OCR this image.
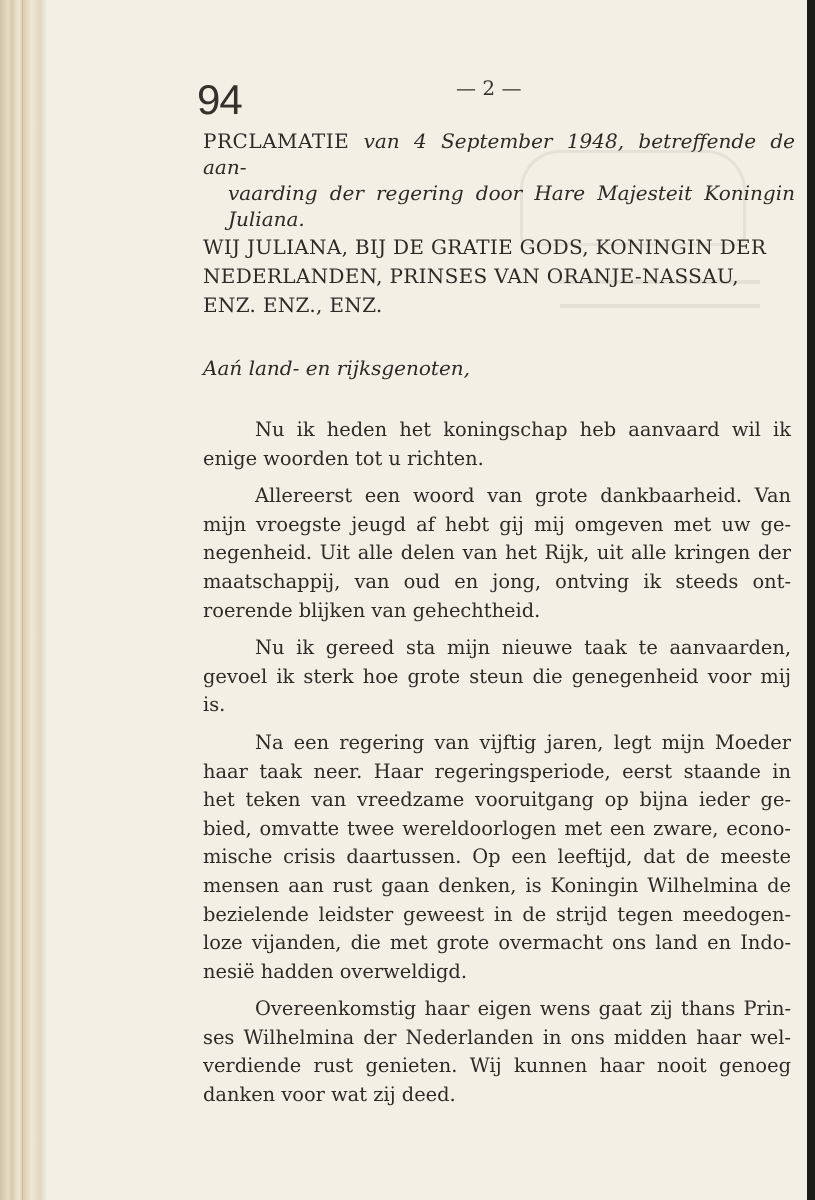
94	— 2 —
PRCLAMATIE van 4 September 1948, betreffende de aan-
vaarding der regering door Hare Majesteit Koningin Juliana.
WIJ JULIANA, BIJ DE GRATIE GODS, KONINGIN DER NEDERLANDEN, PRINSES VAN ORANJE-NASSAU, ENZ. ENZ., ENZ.
Aań land- en rijksgenoten,

Nu ik heden het koningschap heb aanvaard wil ik enige woorden tot u richten.

Allereerst een woord van grote dankbaarheid. Van mijn vroegste jeugd af hebt gij mij omgeven met uw ge-negenheid. Uit alle delen van het Rijk, uit alle kringen der maatschappij, van oud en jong, ontving ik steeds ont-roerende blijken van gehechtheid.

Nu ik gereed sta mijn nieuwe taak te aanvaarden, gevoel ik sterk hoe grote steun die genegenheid voor mij is.

Na een regering van vijftig jaren, legt mijn Moeder haar taak neer. Haar regeringsperiode, eerst staande in het teken van vreedzame vooruitgang op bijna ieder ge-bied, omvatte twee wereldoorlogen met een zware, econo-mische crisis daartussen. Op een leeftijd, dat de meeste mensen aan rust gaan denken, is Koningin Wilhelmina de bezielende leidster geweest in de strijd tegen meedogen-loze vijanden, die met grote overmacht ons land en Indo-nesië hadden overweldigd.

Overeenkomstig haar eigen wens gaat zij thans Prin-ses Wilhelmina der Nederlanden in ons midden haar wel-verdiende rust genieten. Wij kunnen haar nooit genoeg danken voor wat zij deed.
